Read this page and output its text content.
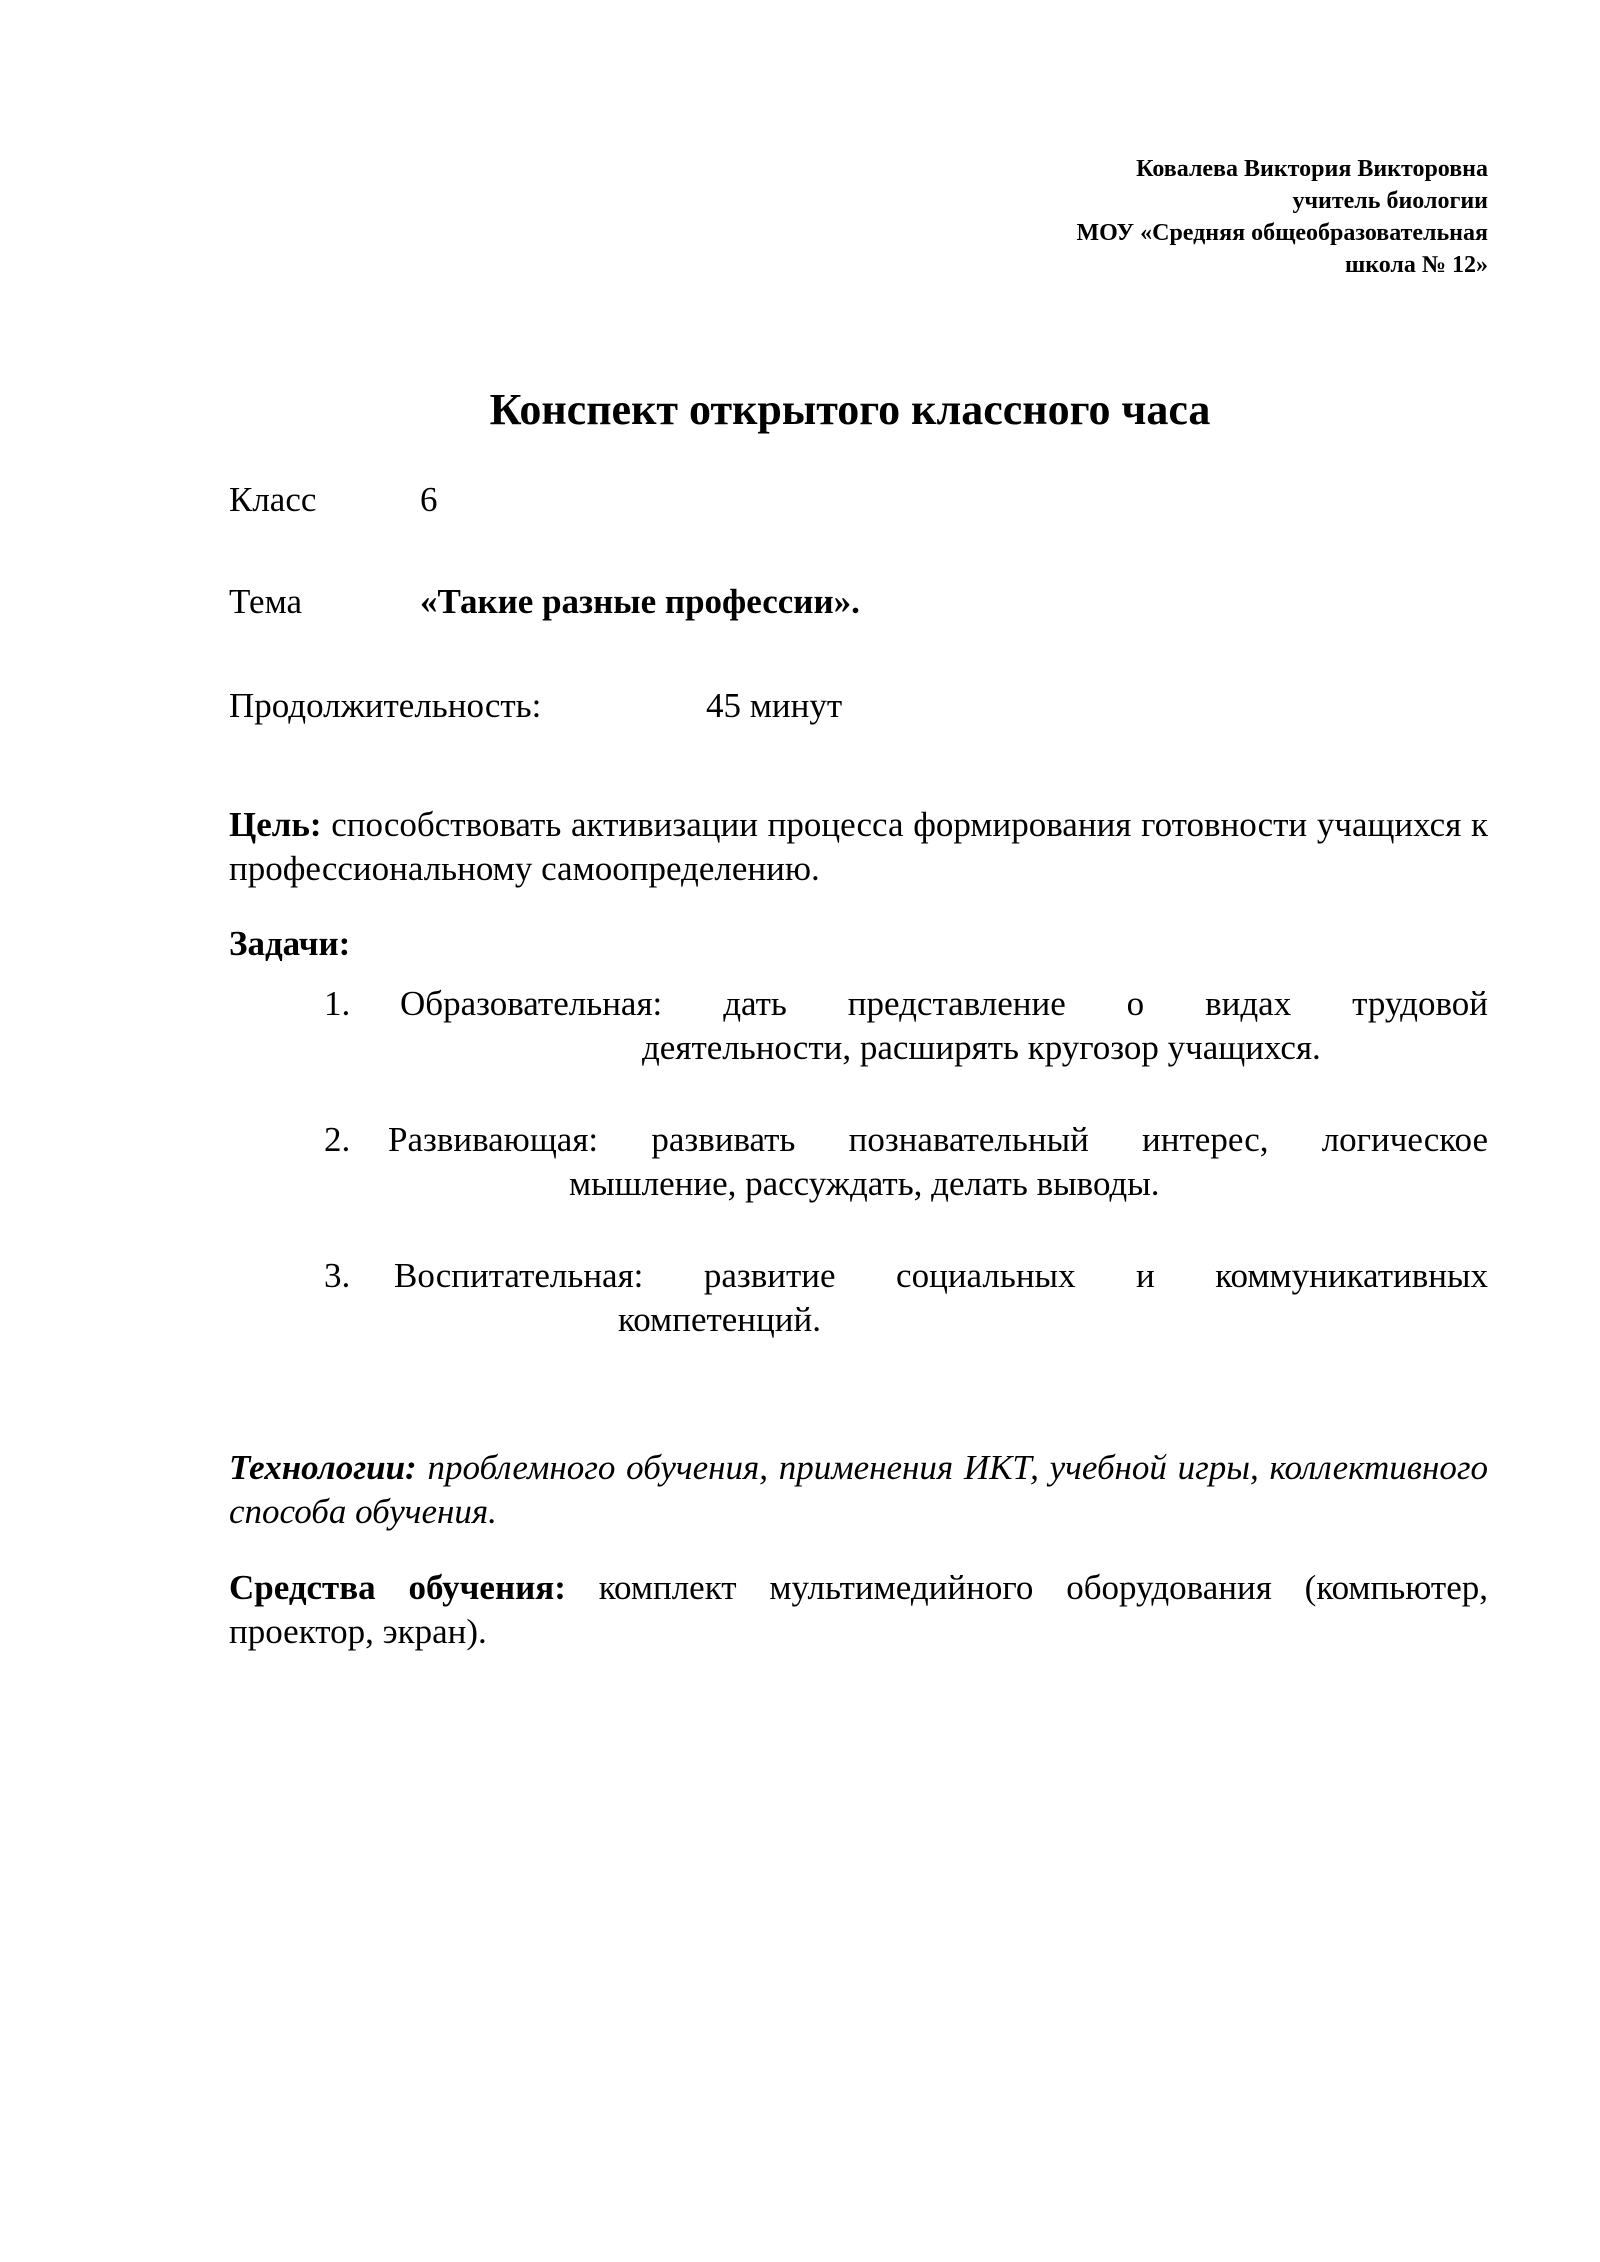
Ковалева Виктория Викторовна
учитель биологии
МОУ «Средняя общеобразовательная
школа № 12»
Конспект открытого классного часа
Класс	6
Тема	«Такие разные профессии».
Продолжительность:	45 минут

Цель: способствовать активизации процесса формирования готовности учащихся к профессиональному самоопределению.

Задачи:

1. Образовательная: дать представление о видах трудовой
деятельности, расширять кругозор учащихся.
2. Развивающая: развивать познавательный интерес, логическое
мышление, рассуждать, делать выводы.
3. Воспитательная: развитие социальных и коммуникативных
компетенций.

Технологии: проблемного обучения, применения ИКТ, учебной игры, коллективного способа обучения.

Средства обучения: комплект мультимедийного оборудования (компьютер, проектор, экран).
